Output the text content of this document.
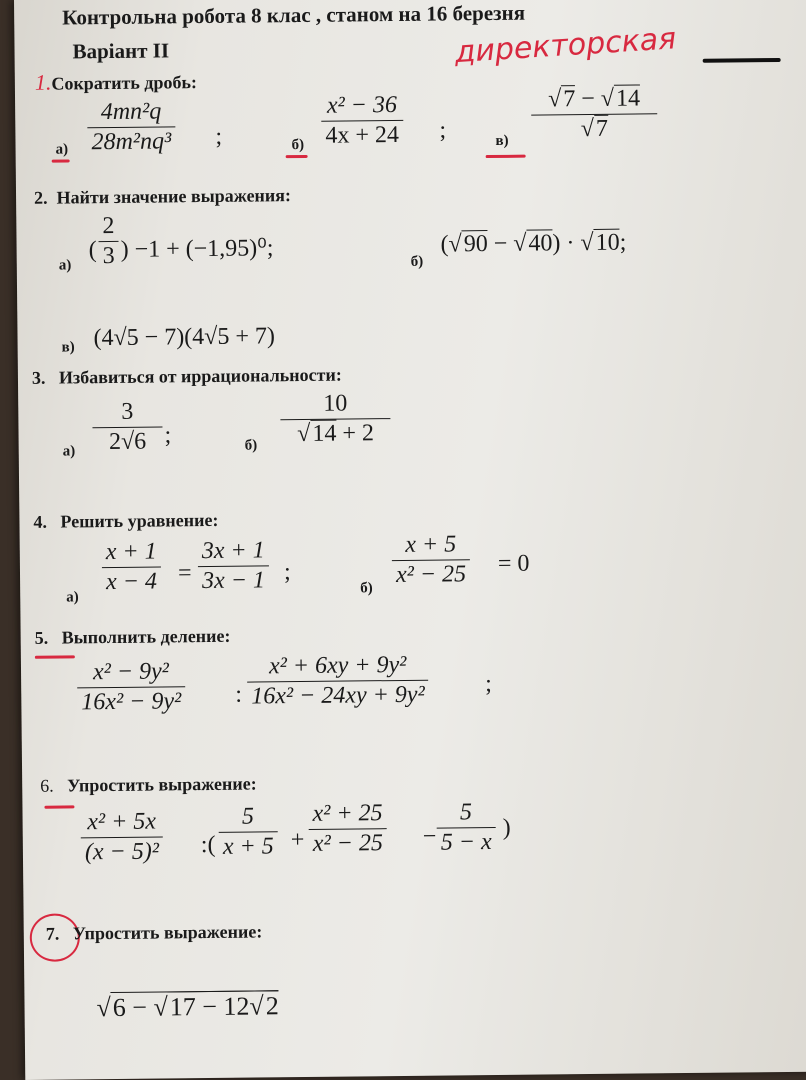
Контрольна робота 8 клас , станом на 16 березня
Варіант II	директорская
1.Сократить дробь:
а)
4mn²q
28m²nq³ ;	б)
x² − 36
4x + 24 ;	в)
√7 − √14
√7
2. Найти значение выражения:
а)
(
2
3 ) −1 + (−1,95)⁰;	б)
(√90 − √40) · √10;
в) (4√5 − 7)(4√5 + 7)
3. Избавиться от иррациональности:
а)
3
2√6 ;	б)
10
√14 + 2
4. Решить уравнение:
а)
x + 1
x − 4 =
3x + 1
3x − 1 ;
б)
x + 5
x² − 25 = 0
5. Выполнить деление:
x² − 9y²
16x² − 9y² :
x² + 6xy + 9y²
16x² − 24xy + 9y²	;
6. Упростить выражение:
x² + 5x
(x − 5)² :(
5
x + 5 +
x² + 25
x² − 25 −
5
5 − x
)
7. Упростить выражение:
√6 − √17 − 12√2
